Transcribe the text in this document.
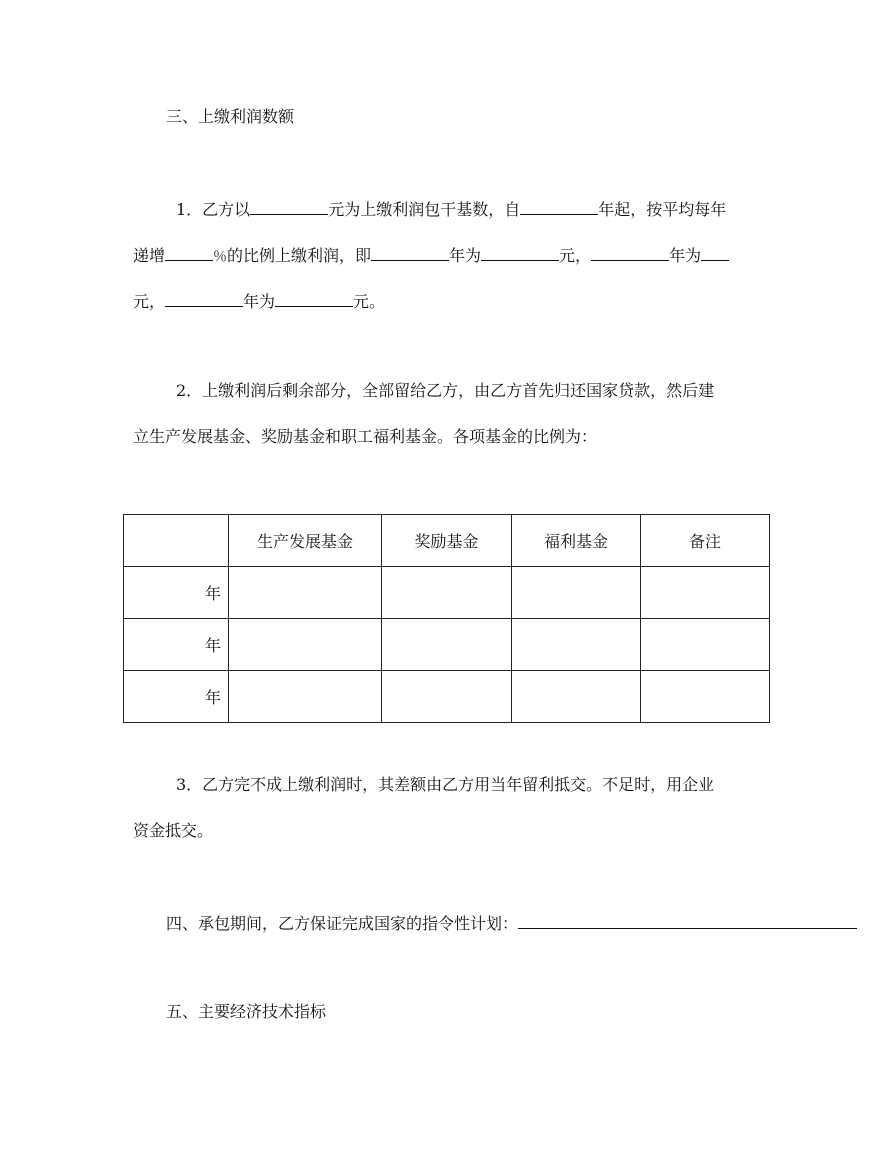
三、上缴利润数额
1．乙方以	元为上缴利润包干基数，自	年起，按平均每年
递增	％的比例上缴利润，即	年为	元，	年为
元，	年为	元。
2．上缴利润后剩余部分，全部留给乙方，由乙方首先归还国家贷款，然后建
立生产发展基金、奖励基金和职工福利基金。各项基金的比例为：
	生产发展基金	奖励基金	福利基金	备注
年				
年				
年				
3．乙方完不成上缴利润时，其差额由乙方用当年留利抵交。不足时，用企业
资金抵交。
四、承包期间，乙方保证完成国家的指令性计划：
五、主要经济技术指标
